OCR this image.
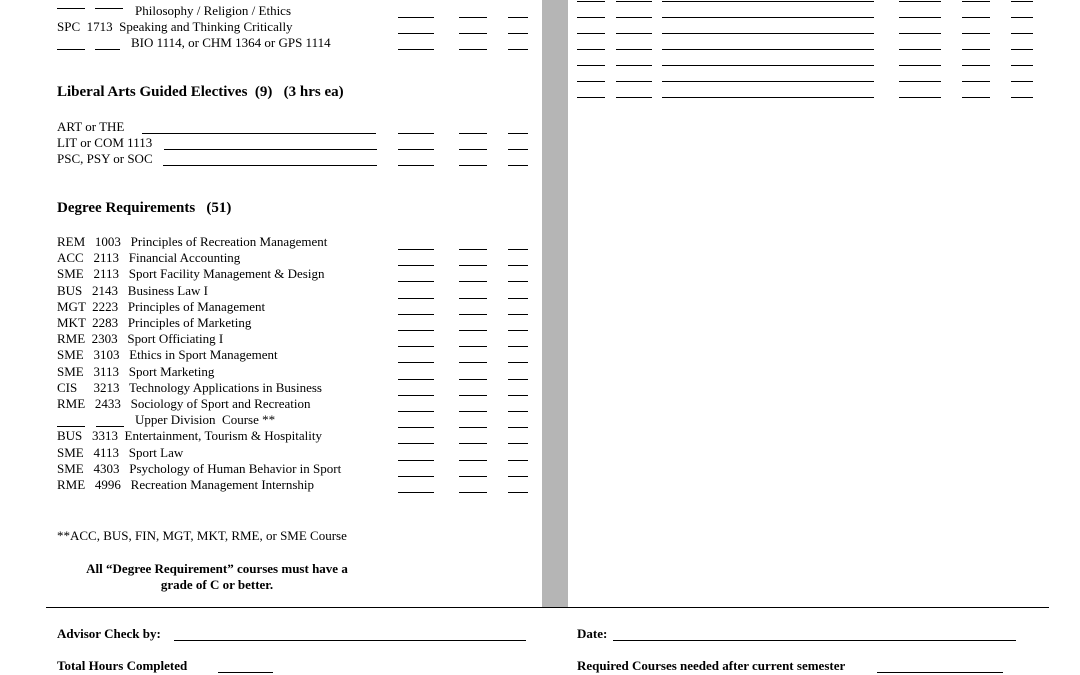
Philosophy / Religion / Ethics
SPC  1713  Speaking and Thinking Critically
BIO 1114, or CHM 1364 or GPS 1114
Liberal Arts Guided Electives  (9)   (3 hrs ea)
ART or THE
LIT or COM 1113
PSC, PSY or SOC
Degree Requirements   (51)
REM   1003   Principles of Recreation Management
ACC   2113   Financial Accounting
SME   2113   Sport Facility Management & Design
BUS   2143   Business Law I
MGT  2223   Principles of Management
MKT  2283   Principles of Marketing
RME  2303   Sport Officiating I
SME   3103   Ethics in Sport Management
SME   3113   Sport Marketing
CIS     3213   Technology Applications in Business
RME   2433   Sociology of Sport and Recreation
Upper Division  Course **
BUS   3313  Entertainment, Tourism & Hospitality
SME   4113   Sport Law
SME   4303   Psychology of Human Behavior in Sport
RME   4996   Recreation Management Internship
**ACC, BUS, FIN, MGT, MKT, RME, or SME Course
All “Degree Requirement” courses must have a
grade of C or better.
Advisor Check by:	Date:
Total Hours Completed	Required Courses needed after current semester
